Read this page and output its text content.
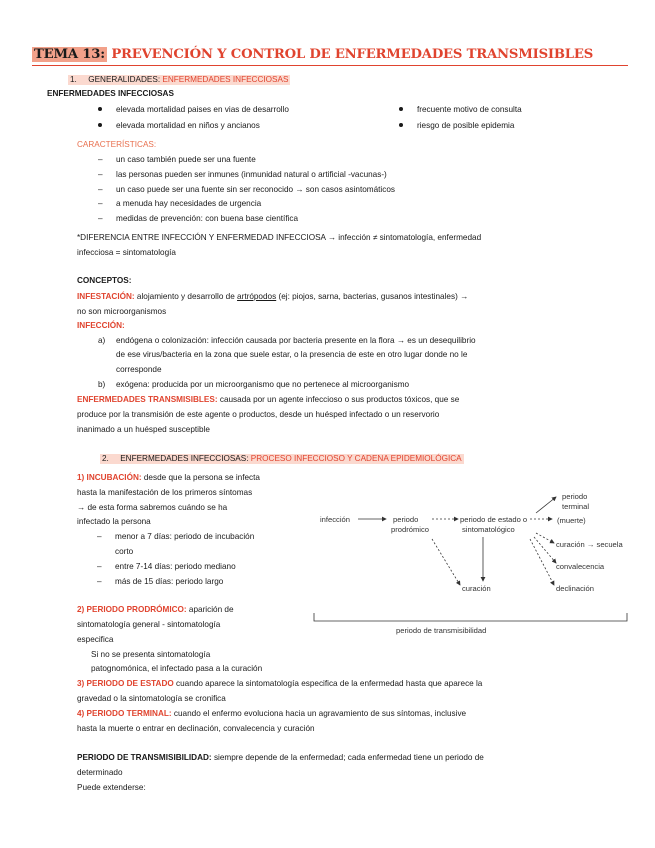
TEMA 13: PREVENCIÓN Y CONTROL DE ENFERMEDADES TRANSMISIBLES
1. GENERALIDADES: ENFERMEDADES INFECCIOSAS
ENFERMEDADES INFECCIOSAS
elevada mortalidad paises en vias de desarrollo
elevada mortalidad en niños y ancianos
frecuente motivo de consulta
riesgo de posible epidemia
CARACTERÍSTICAS:
– un caso también puede ser una fuente
– las personas pueden ser inmunes (inmunidad natural o artificial -vacunas-)
– un caso puede ser una fuente sin ser reconocido → son casos asintomáticos
– a menuda hay necesidades de urgencia
– medidas de prevención: con buena base científica
*DIFERENCIA ENTRE INFECCIÓN Y ENFERMEDAD INFECCIOSA → infección ≠ sintomatología, enfermedad
infecciosa = sintomatología
CONCEPTOS:
INFESTACIÓN: alojamiento y desarrollo de artrópodos (ej: piojos, sarna, bacterias, gusanos intestinales) →
no son microorganismos
INFECCIÓN:
a) endógena o colonización: infección causada por bacteria presente en la flora → es un desequilibrio
de ese virus/bacteria en la zona que suele estar, o la presencia de este en otro lugar donde no le
corresponde
b) exógena: producida por un microorganismo que no pertenece al microorganismo
ENFERMEDADES TRANSMISIBLES: causada por un agente infeccioso o sus productos tóxicos, que se
produce por la transmisión de este agente o productos, desde un huésped infectado o un reservorio
inanimado a un huésped susceptible
2. ENFERMEDADES INFECCIOSAS: PROCESO INFECCIOSO Y CADENA EPIDEMIOLÓGICA
1) INCUBACIÓN: desde que la persona se infecta
hasta la manifestación de los primeros síntomas
→ de esta forma sabremos cuándo se ha
infectado la persona
– menor a 7 días: periodo de incubación
corto
– entre 7-14 días: periodo mediano
– más de 15 días: periodo largo
2) PERIODO PRODRÓMICO: aparición de
sintomatología general - sintomatología
especifica
Si no se presenta sintomatología
patognomónica, el infectado pasa a la curación
3) PERIODO DE ESTADO cuando aparece la sintomatología especifica de la enfermedad hasta que aparece la
gravedad o la sintomatología se cronifica
4) PERIODO TERMINAL: cuando el enfermo evoluciona hacia un agravamiento de sus síntomas, inclusive
hasta la muerte o entrar en declinación, convalecencia y curación
PERIODO DE TRANSMISIBILIDAD: siempre depende de la enfermedad; cada enfermedad tiene un periodo de
determinado
Puede extenderse:
infección	periodo
prodrómico
periodo de estado o
sintomatológico
periodo
terminal
(muerte)
curación
curación → secuela
convalecencia
declinación
periodo de transmisibilidad
